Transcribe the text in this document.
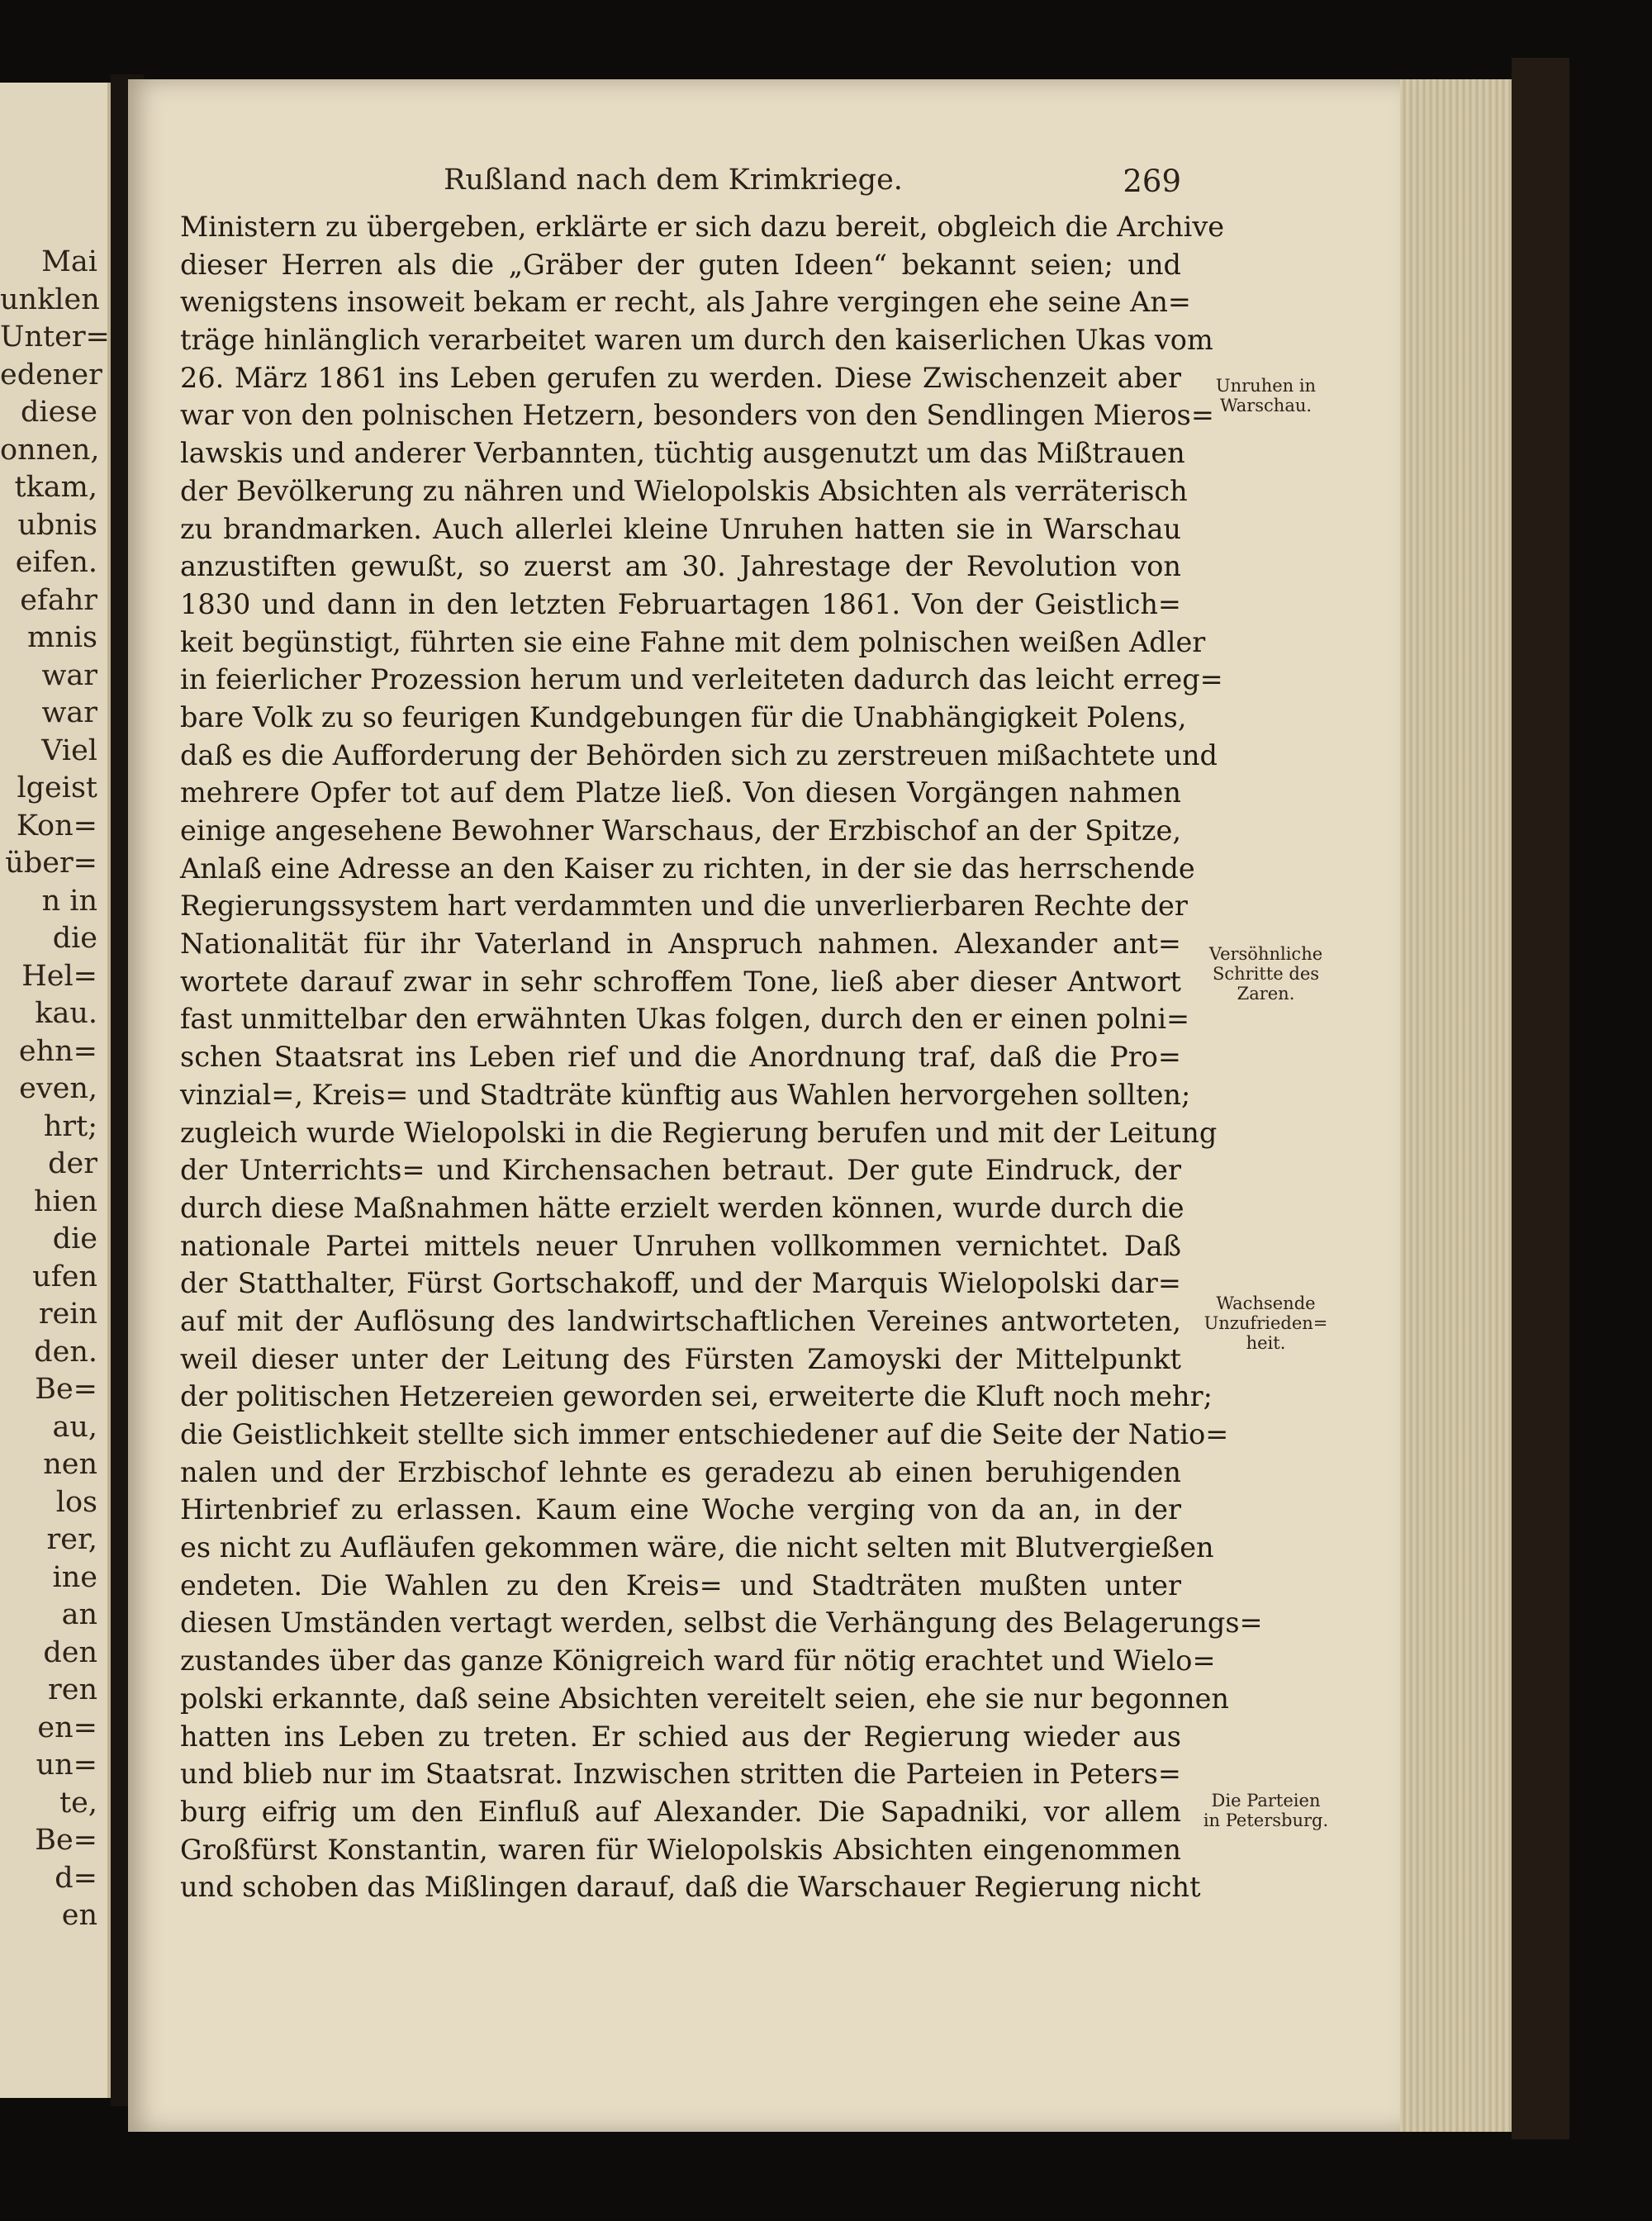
Mai
unklen
Unter=
edener
diese
onnen,
tkam,
ubnis
eifen.
efahr
mnis
war
war
Viel
lgeist
Kon=
über=
n in
die
Hel=
kau.
ehn=
even,
hrt;
der
hien
die
ufen
rein
den.
Be=
au,
nen
los
rer,
ine
an
den
ren
en=
un=
te,
Be=
d=
en
Rußland nach dem Krimkriege.	269
Ministern zu übergeben, erklärte er sich dazu bereit, obgleich die Archive
dieser Herren als die „Gräber der guten Ideen“ bekannt seien; und
wenigstens insoweit bekam er recht, als Jahre vergingen ehe seine An=
träge hinlänglich verarbeitet waren um durch den kaiserlichen Ukas vom
26. März 1861 ins Leben gerufen zu werden. Diese Zwischenzeit aber
war von den polnischen Hetzern, besonders von den Sendlingen Mieros=
lawskis und anderer Verbannten, tüchtig ausgenutzt um das Mißtrauen
der Bevölkerung zu nähren und Wielopolskis Absichten als verräterisch
zu brandmarken. Auch allerlei kleine Unruhen hatten sie in Warschau
anzustiften gewußt, so zuerst am 30. Jahrestage der Revolution von
1830 und dann in den letzten Februartagen 1861. Von der Geistlich=
keit begünstigt, führten sie eine Fahne mit dem polnischen weißen Adler
in feierlicher Prozession herum und verleiteten dadurch das leicht erreg=
bare Volk zu so feurigen Kundgebungen für die Unabhängigkeit Polens,
daß es die Aufforderung der Behörden sich zu zerstreuen mißachtete und
mehrere Opfer tot auf dem Platze ließ. Von diesen Vorgängen nahmen
einige angesehene Bewohner Warschaus, der Erzbischof an der Spitze,
Anlaß eine Adresse an den Kaiser zu richten, in der sie das herrschende
Regierungssystem hart verdammten und die unverlierbaren Rechte der
Nationalität für ihr Vaterland in Anspruch nahmen. Alexander ant=
wortete darauf zwar in sehr schroffem Tone, ließ aber dieser Antwort
fast unmittelbar den erwähnten Ukas folgen, durch den er einen polni=
schen Staatsrat ins Leben rief und die Anordnung traf, daß die Pro=
vinzial=, Kreis= und Stadträte künftig aus Wahlen hervorgehen sollten;
zugleich wurde Wielopolski in die Regierung berufen und mit der Leitung
der Unterrichts= und Kirchensachen betraut. Der gute Eindruck, der
durch diese Maßnahmen hätte erzielt werden können, wurde durch die
nationale Partei mittels neuer Unruhen vollkommen vernichtet. Daß
der Statthalter, Fürst Gortschakoff, und der Marquis Wielopolski dar=
auf mit der Auflösung des landwirtschaftlichen Vereines antworteten,
weil dieser unter der Leitung des Fürsten Zamoyski der Mittelpunkt
der politischen Hetzereien geworden sei, erweiterte die Kluft noch mehr;
die Geistlichkeit stellte sich immer entschiedener auf die Seite der Natio=
nalen und der Erzbischof lehnte es geradezu ab einen beruhigenden
Hirtenbrief zu erlassen. Kaum eine Woche verging von da an, in der
es nicht zu Aufläufen gekommen wäre, die nicht selten mit Blutvergießen
endeten. Die Wahlen zu den Kreis= und Stadträten mußten unter
diesen Umständen vertagt werden, selbst die Verhängung des Belagerungs=
zustandes über das ganze Königreich ward für nötig erachtet und Wielo=
polski erkannte, daß seine Absichten vereitelt seien, ehe sie nur begonnen
hatten ins Leben zu treten. Er schied aus der Regierung wieder aus
und blieb nur im Staatsrat. Inzwischen stritten die Parteien in Peters=
burg eifrig um den Einfluß auf Alexander. Die Sapadniki, vor allem
Großfürst Konstantin, waren für Wielopolskis Absichten eingenommen
und schoben das Mißlingen darauf, daß die Warschauer Regierung nicht
Unruhen in
Warschau.
Versöhnliche
Schritte des
Zaren.
Wachsende
Unzufrieden=
heit.
Die Parteien
in Petersburg.
